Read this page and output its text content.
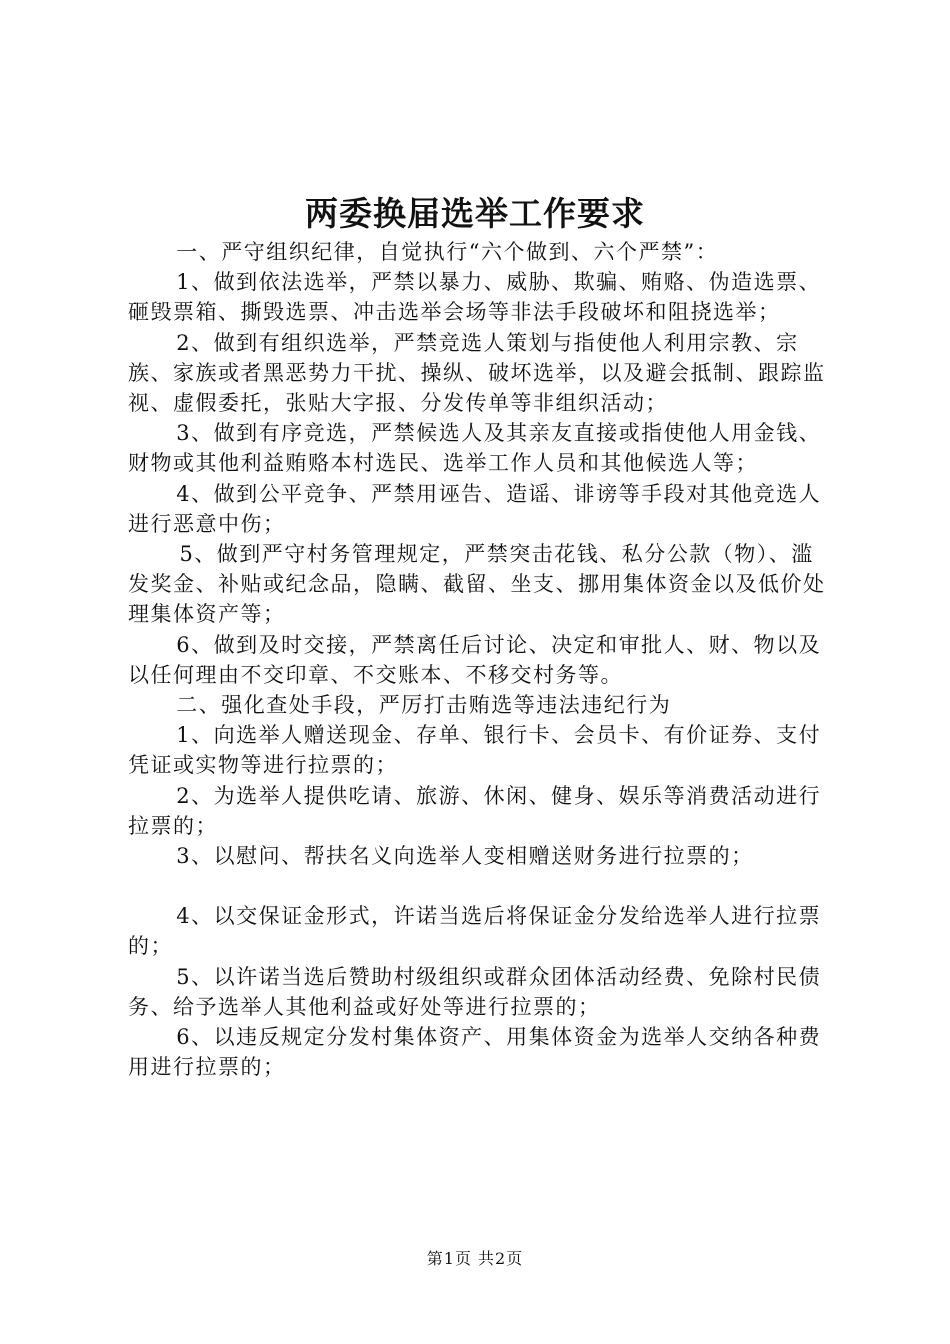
两委换届选举工作要求

一、严守组织纪律，自觉执行“六个做到、六个严禁”：

1、做到依法选举，严禁以暴力、威胁、欺骗、贿赂、伪造选票、砸毁票箱、撕毁选票、冲击选举会场等非法手段破坏和阻挠选举；

2、做到有组织选举，严禁竞选人策划与指使他人利用宗教、宗族、家族或者黑恶势力干扰、操纵、破坏选举，以及避会抵制、跟踪监视、虚假委托，张贴大字报、分发传单等非组织活动；

3、做到有序竞选，严禁候选人及其亲友直接或指使他人用金钱、财物或其他利益贿赂本村选民、选举工作人员和其他候选人等；

4、做到公平竞争、严禁用诬告、造谣、诽谤等手段对其他竞选人进行恶意中伤；

5、做到严守村务管理规定，严禁突击花钱、私分公款（物）、滥发奖金、补贴或纪念品，隐瞒、截留、坐支、挪用集体资金以及低价处理集体资产等；

6、做到及时交接，严禁离任后讨论、决定和审批人、财、物以及以任何理由不交印章、不交账本、不移交村务等。

二、强化查处手段，严厉打击贿选等违法违纪行为

1、向选举人赠送现金、存单、银行卡、会员卡、有价证券、支付凭证或实物等进行拉票的；

2、为选举人提供吃请、旅游、休闲、健身、娱乐等消费活动进行拉票的；

3、以慰问、帮扶名义向选举人变相赠送财务进行拉票的；

4、以交保证金形式，许诺当选后将保证金分发给选举人进行拉票的；

5、以许诺当选后赞助村级组织或群众团体活动经费、免除村民债务、给予选举人其他利益或好处等进行拉票的；

6、以违反规定分发村集体资产、用集体资金为选举人交纳各种费用进行拉票的；

第1页 共2页
